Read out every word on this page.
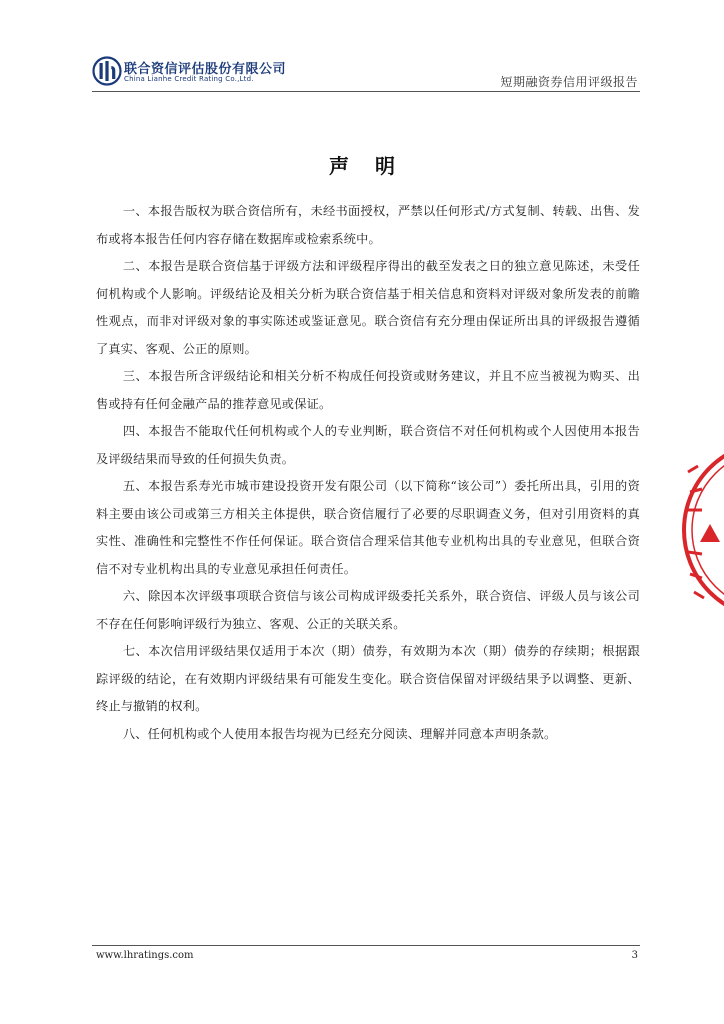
联合资信评估股份有限公司
China Lianhe Credit Rating Co.,Ltd.	短期融资券信用评级报告
声明

一、本报告版权为联合资信所有，未经书面授权，严禁以任何形式/方式复制、转载、出售、发布或将本报告任何内容存储在数据库或检索系统中。

二、本报告是联合资信基于评级方法和评级程序得出的截至发表之日的独立意见陈述，未受任何机构或个人影响。评级结论及相关分析为联合资信基于相关信息和资料对评级对象所发表的前瞻性观点，而非对评级对象的事实陈述或鉴证意见。联合资信有充分理由保证所出具的评级报告遵循了真实、客观、公正的原则。

三、本报告所含评级结论和相关分析不构成任何投资或财务建议，并且不应当被视为购买、出售或持有任何金融产品的推荐意见或保证。

四、本报告不能取代任何机构或个人的专业判断，联合资信不对任何机构或个人因使用本报告及评级结果而导致的任何损失负责。

五、本报告系寿光市城市建设投资开发有限公司（以下简称“该公司”）委托所出具，引用的资料主要由该公司或第三方相关主体提供，联合资信履行了必要的尽职调查义务，但对引用资料的真实性、准确性和完整性不作任何保证。联合资信合理采信其他专业机构出具的专业意见，但联合资信不对专业机构出具的专业意见承担任何责任。

六、除因本次评级事项联合资信与该公司构成评级委托关系外，联合资信、评级人员与该公司不存在任何影响评级行为独立、客观、公正的关联关系。

七、本次信用评级结果仅适用于本次（期）债券，有效期为本次（期）债券的存续期；根据跟踪评级的结论，在有效期内评级结果有可能发生变化。联合资信保留对评级结果予以调整、更新、终止与撤销的权利。

八、任何机构或个人使用本报告均视为已经充分阅读、理解并同意本声明条款。

www.lhratings.com	3
